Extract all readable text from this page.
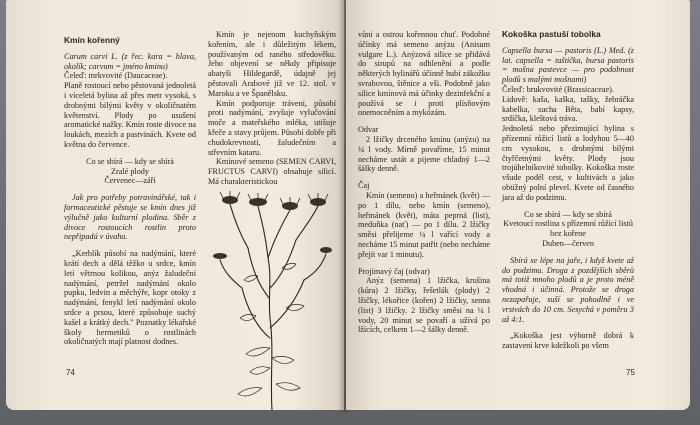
Kmín kořenný

Carum carvi L. (z řec. kara = hlava, okolík; carvum = jméno kminu)

Čeleď: mrkvovité (Daucaceae).

Planě rostoucí nebo pěstovaná jednoletá i víceletá bylina až přes metr vysoká, s drobnými bílými květy v okoličnatém květenství. Plody po usušení aromatické nažky. Kmín roste divoce na loukách, mezích a pastvinách. Kvete od května do července.

Co se sbírá — kdy se sbírá

Zralé plody

Červenec—září

Jak pro potřeby potravinářské, tak i farmaceutické pěstuje se kmín dnes již výlučně jako kulturní plodina. Sběr z divoce rostoucích rostlin proto nepřipadá v úvahu.

„Kerblík působí na nadýmání, které krátí dech a dělá těžko u srdce, kmín letí větrnou kolikou, anýz žaludeční nadýmání, petržel nadýmání okolo pupku, ledvin a měchýře, kopr otoky z nadýmání, fenykl letí nadýmání okolo srdce a prsou, které způsobuje suchý kašel a krátký dech." Poznatky lékařské školy hermetiků o rostlinách okoličnatých mají platnost dodnes.

74

Kmín je nejenom kuchyňským kořením, ale i důležitým lékem, používaným od raného středověku. Jeho objevení se někdy připisuje abatyši Hildegardě, údajně jej pěstovali Arabové již ve 12. stol. v Maroku a ve Španělsku.

Kmín podporuje trávení, působí proti nadýmání, zvyšuje vylučování moče a mateřského mléka, utišuje křeče a stavy průjem. Působí dobře při chudokrevnosti, žaludečním a střevním kataru.

Kmínové semeno (SEMEN CARVI, FRUCTUS CARVI) obsahuje silicí. Má charakteristickou

vůni a ostrou kořennou chuť. Podobné účinky má semeno anýzu (Anisum vulgare L.). Anýzová silice se přidává do sirupů na odhlenění a podle některých bylinářů účinně hubí zákožku svrabovou, štěnice a vši. Podobně jako silice kmínová má účinky dezinfekční a používá se i proti plísňovým onemocněním a mykózám.

Odvar

2 lžičky drceného kmínu (anýzu) na ¼ l vody. Mírně povaříme, 15 minut necháme ustát a pijeme chladný 1—2 šálky denně.

Čaj

Kmín (semeno) a heřmánek (květ) — po 1 dílu, nebo kmín (semeno), heřmánek (květ), máta peprná (list), meduňka (nať) — po 1 dílu. 2 lžičky směsi přelijeme ¼ l vařící vody a necháme 15 minut patřit (nebo necháme přejít var 1 minutu).

Projímavý čaj (odvar)

Anýz (semena) 1 lžička, krušina (kůra) 2 lžičky, řešetlák (plody) 2 lžičky, lékořice (kořen) 2 lžičky, senna (list) 3 lžičky. 2 lžičky směsi na ¼ l vody, 20 minut se povaří a užívá po lžících, celkem 1—2 šálky denně.

Kokoška pastuší tobolka

Capsella bursa — pastoris (L.) Med. (z lat. capsella = taštička, bursa pastoris = mošna pastevce — pro podobnost plodů s malými mošnami)

Čeleď: brukvovité (Brassicaceae).

Lidově: kaša, kaška, tašky, žebráčka kabelka, sucha Běta, babí kapsy, srdíčka, kleštová tráva.

Jednoletá nebo přezimující bylina s přízemní růžicí listů a lodyhou 5—40 cm vysokou, s drobnými bílými čtyřčetnými květy. Plody jsou trojúhelníkovité tobolky. Kokoška roste všude podél cest, v kultivách a jako obtížný polní plevel. Kvete od časného jara až do podzimu.

Co se sbírá — kdy se sbírá

Kvetoucí rostlina s přízemní růžicí listů bez kořene

Duben—červen

Sbírá se lépe na jaře, i když kvete až do podzimu. Droga z pozdějších sběrů má totiž mnoho plodů a je proto méně vhodná i účinná. Protože se droga nezapařuje, suší se pohodlně i ve vrstvách do 10 cm. Sesychá v poměru 3 až 4:1.

„Kokoška jest výborně dobrá k zastavení krve kdežkoli po všem

75
